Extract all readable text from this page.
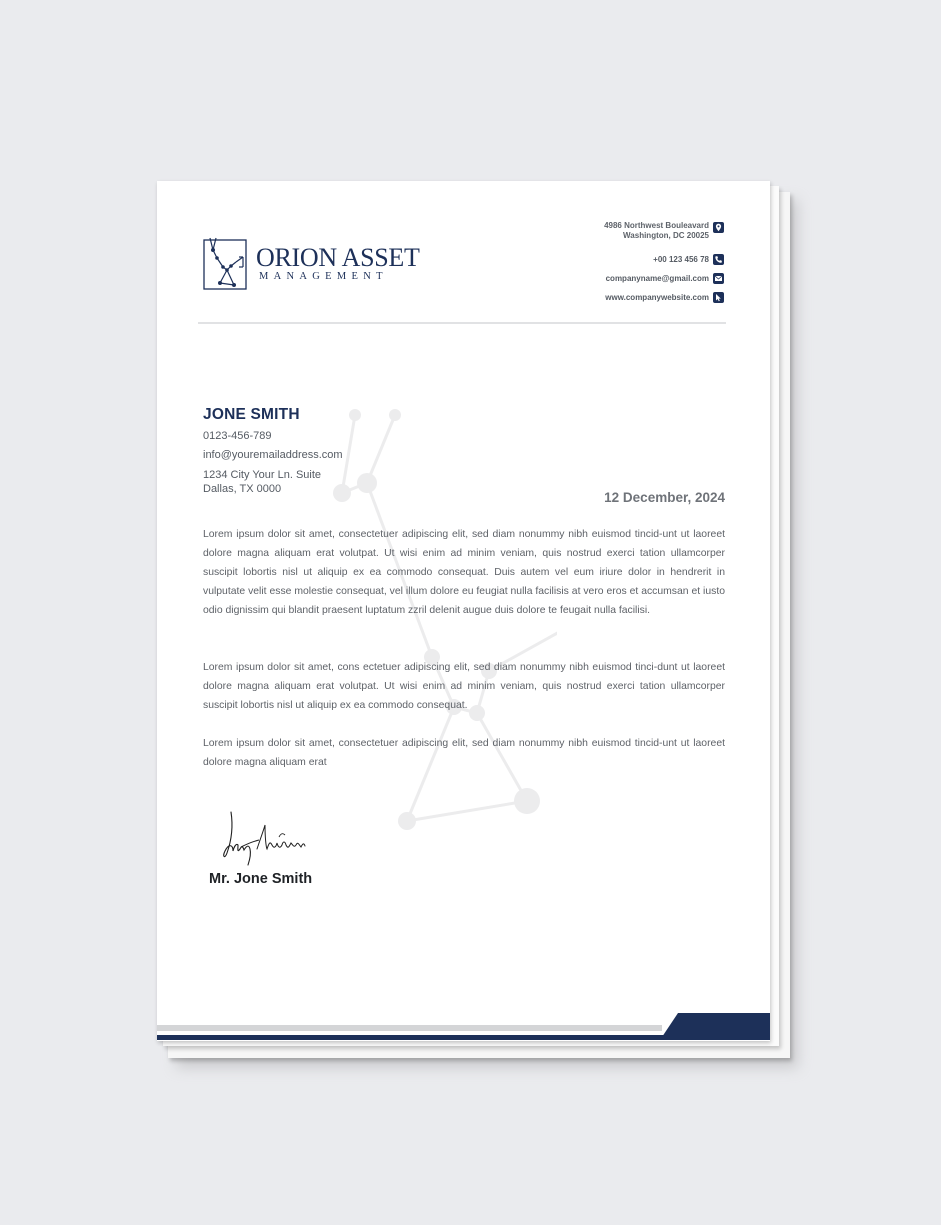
ORION ASSET
MANAGEMENT
4986 Northwest Bouleavard
Washington, DC 20025
+00 123 456 78
companyname@gmail.com
www.companywebsite.com
JONE SMITH
0123-456-789
info@youremailaddress.com
1234 City Your Ln. Suite
Dallas, TX 0000
12 December, 2024
Lorem ipsum dolor sit amet, consectetuer adipiscing elit, sed diam nonummy nibh euismod tincid-unt ut laoreet dolore magna aliquam erat volutpat. Ut wisi enim ad minim veniam, quis nostrud exerci tation ullamcorper suscipit lobortis nisl ut aliquip ex ea commodo consequat. Duis autem vel eum iriure dolor in hendrerit in vulputate velit esse molestie consequat, vel illum dolore eu feugiat nulla facilisis at vero eros et accumsan et iusto odio dignissim qui blandit praesent luptatum zzril delenit augue duis dolore te feugait nulla facilisi.
Lorem ipsum dolor sit amet, cons ectetuer adipiscing elit, sed diam nonummy nibh euismod tinci-dunt ut laoreet dolore magna aliquam erat volutpat. Ut wisi enim ad minim veniam, quis nostrud exerci tation ullamcorper suscipit lobortis nisl ut aliquip ex ea commodo consequat.
Lorem ipsum dolor sit amet, consectetuer adipiscing elit, sed diam nonummy nibh euismod tincid-unt ut laoreet dolore magna aliquam erat
Mr. Jone Smith
